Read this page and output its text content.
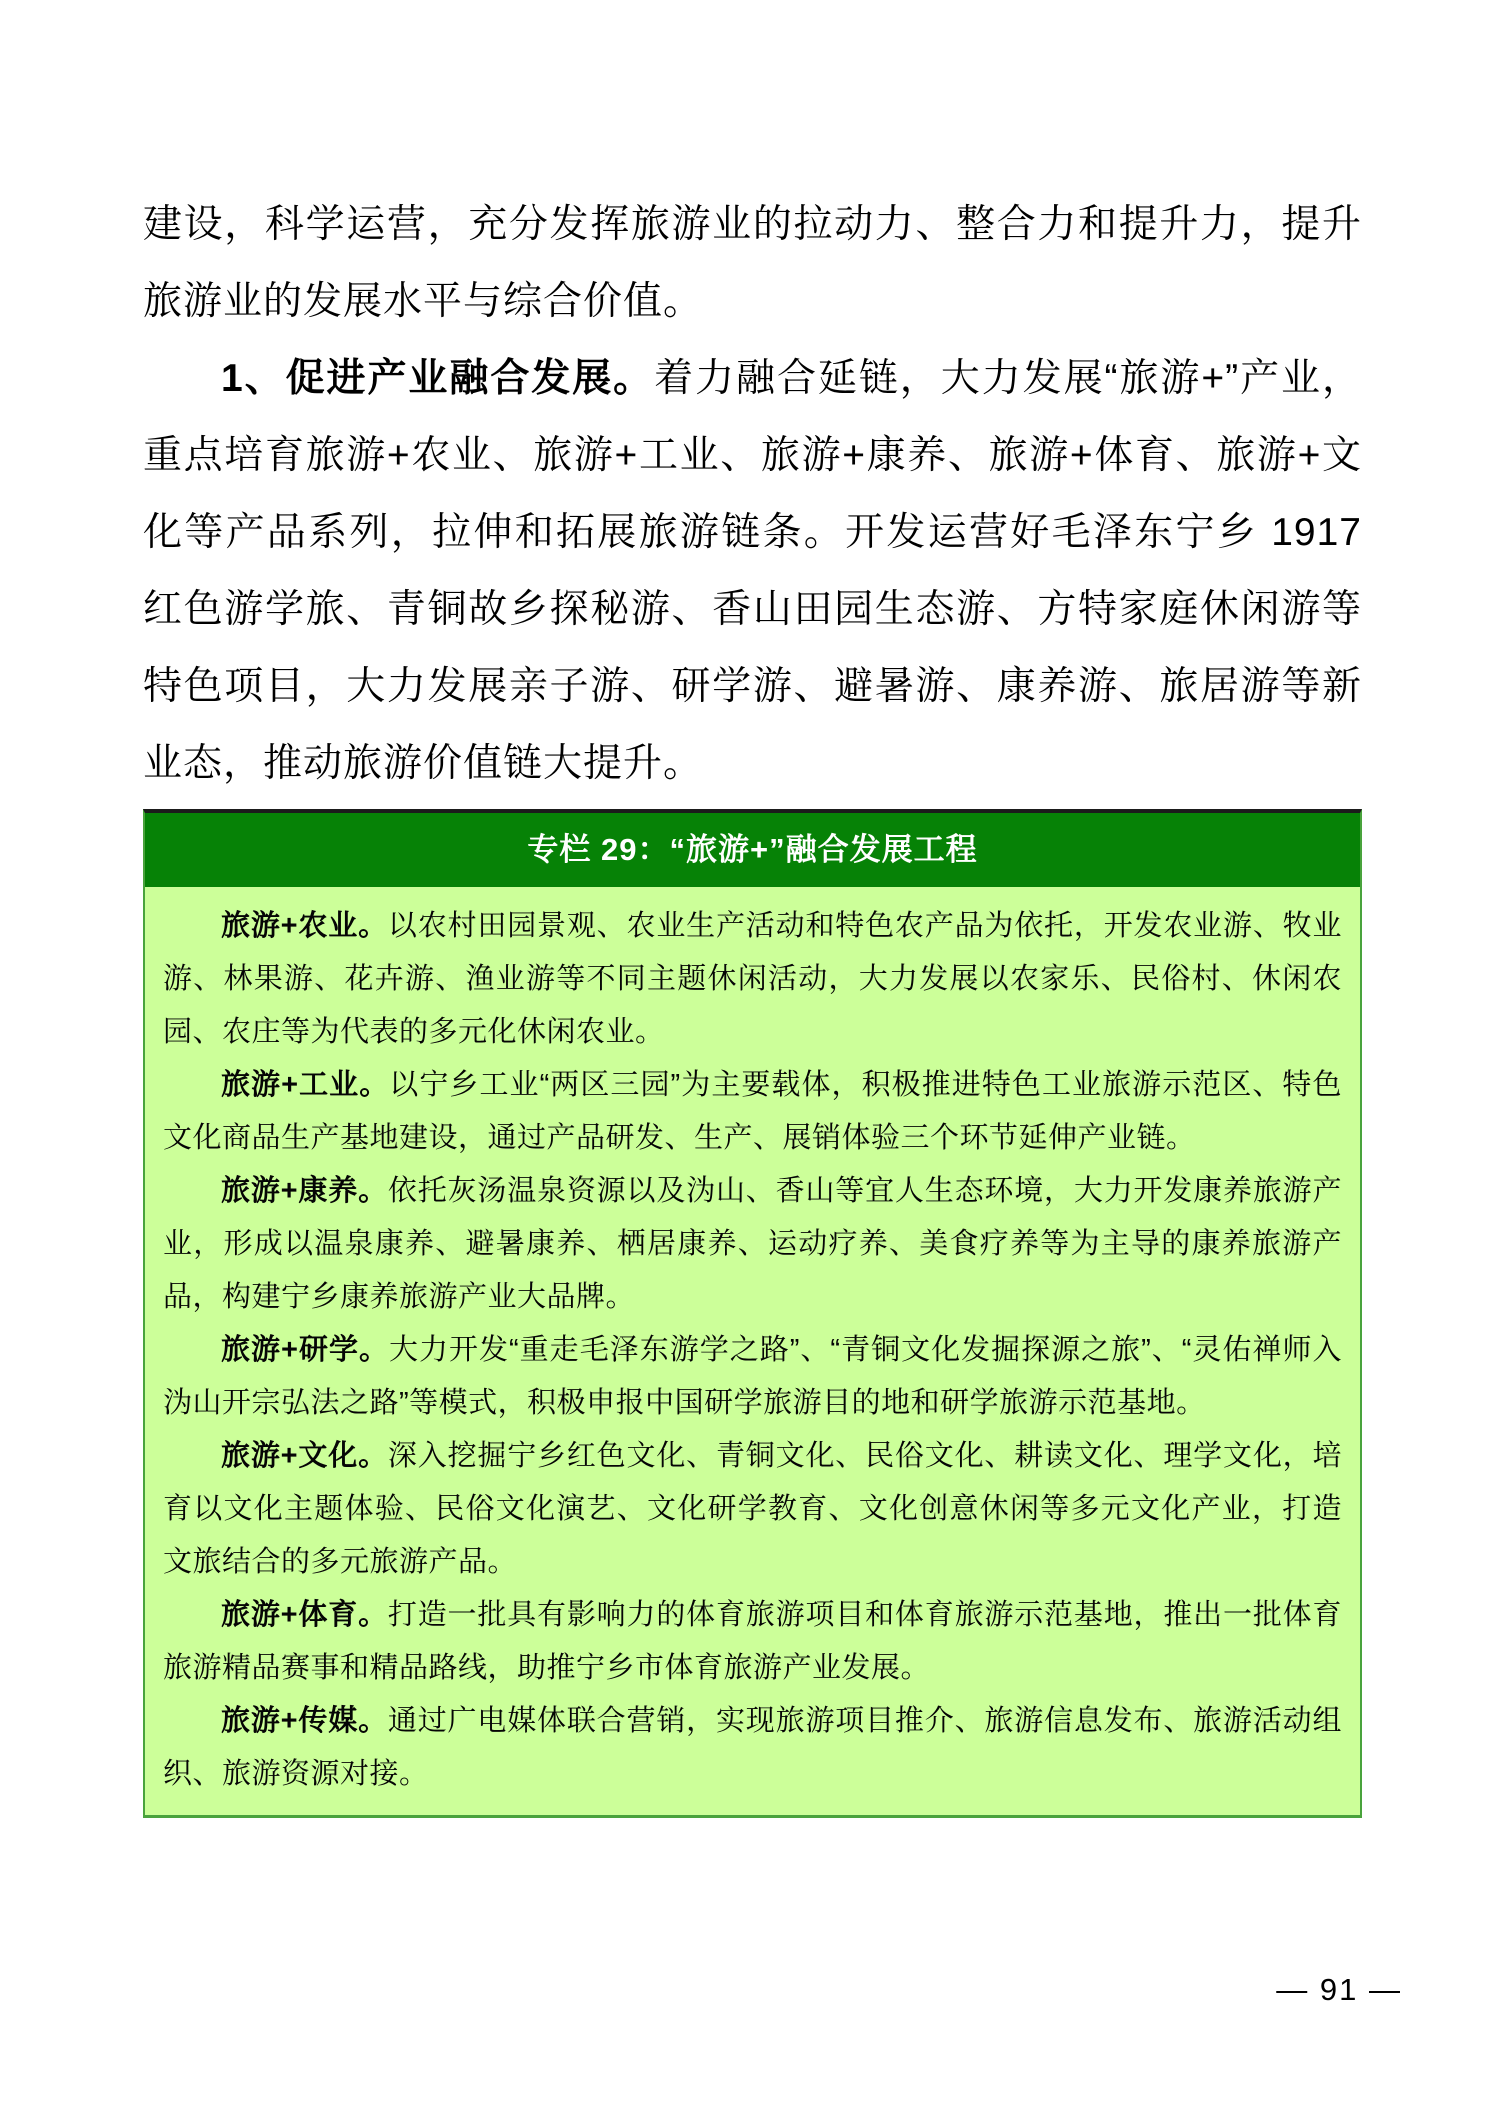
建设，科学运营，充分发挥旅游业的拉动力、整合力和提升力，提升旅游业的发展水平与综合价值。

1、促进产业融合发展。着力融合延链，大力发展“旅游+”产业，重点培育旅游+农业、旅游+工业、旅游+康养、旅游+体育、旅游+文化等产品系列，拉伸和拓展旅游链条。开发运营好毛泽东宁乡 1917 红色游学旅、青铜故乡探秘游、香山田园生态游、方特家庭休闲游等特色项目，大力发展亲子游、研学游、避暑游、康养游、旅居游等新业态，推动旅游价值链大提升。

专栏 29：“旅游+”融合发展工程

旅游+农业。以农村田园景观、农业生产活动和特色农产品为依托，开发农业游、牧业游、林果游、花卉游、渔业游等不同主题休闲活动，大力发展以农家乐、民俗村、休闲农园、农庄等为代表的多元化休闲农业。

旅游+工业。以宁乡工业“两区三园”为主要载体，积极推进特色工业旅游示范区、特色文化商品生产基地建设，通过产品研发、生产、展销体验三个环节延伸产业链。

旅游+康养。依托灰汤温泉资源以及沩山、香山等宜人生态环境，大力开发康养旅游产业，形成以温泉康养、避暑康养、栖居康养、运动疗养、美食疗养等为主导的康养旅游产品，构建宁乡康养旅游产业大品牌。

旅游+研学。大力开发“重走毛泽东游学之路”、“青铜文化发掘探源之旅”、“灵佑禅师入沩山开宗弘法之路”等模式，积极申报中国研学旅游目的地和研学旅游示范基地。

旅游+文化。深入挖掘宁乡红色文化、青铜文化、民俗文化、耕读文化、理学文化，培育以文化主题体验、民俗文化演艺、文化研学教育、文化创意休闲等多元文化产业，打造文旅结合的多元旅游产品。

旅游+体育。打造一批具有影响力的体育旅游项目和体育旅游示范基地，推出一批体育旅游精品赛事和精品路线，助推宁乡市体育旅游产业发展。

旅游+传媒。通过广电媒体联合营销，实现旅游项目推介、旅游信息发布、旅游活动组织、旅游资源对接。

— 91 —
